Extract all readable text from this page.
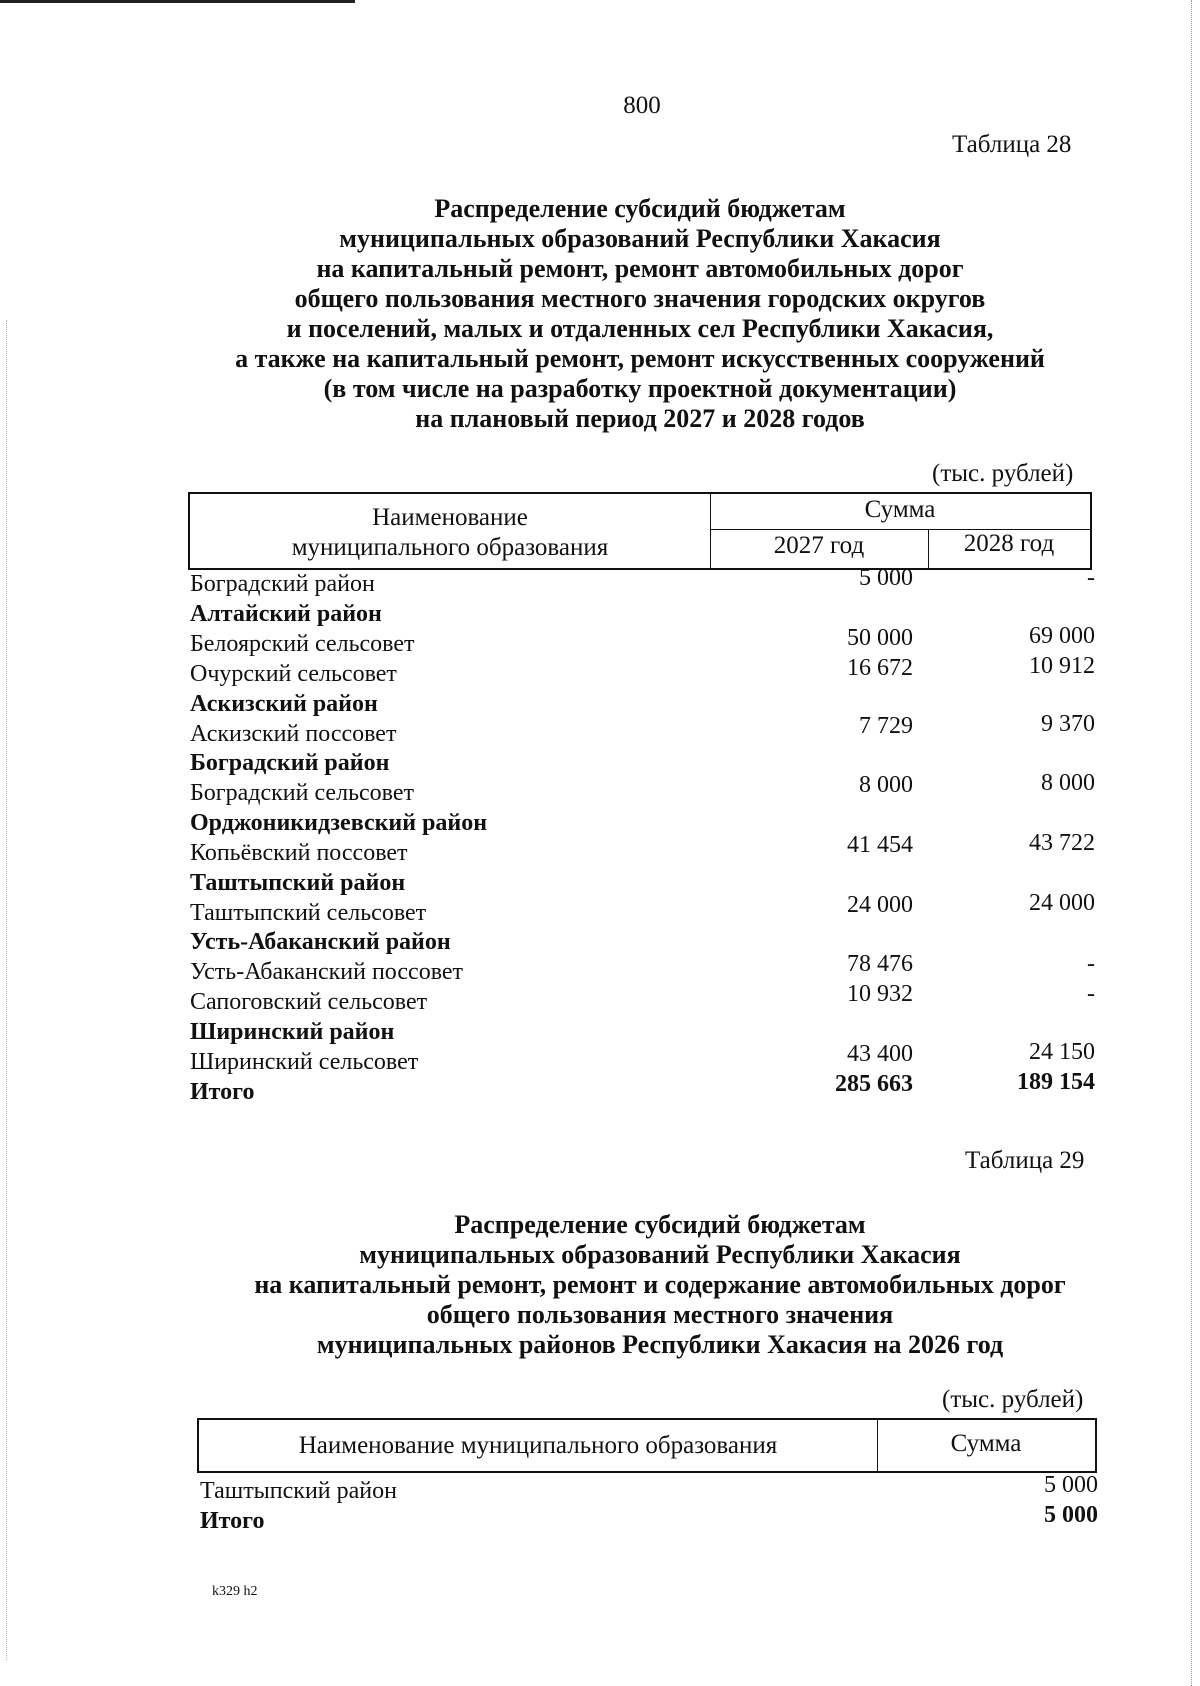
800
Таблица 28
Распределение субсидий бюджетам
муниципальных образований Республики Хакасия
на капитальный ремонт, ремонт автомобильных дорог
общего пользования местного значения городских округов
и поселений, малых и отдаленных сел Республики Хакасия,
а также на капитальный ремонт, ремонт искусственных сооружений
(в том числе на разработку проектной документации)
на плановый период 2027 и 2028 годов
(тыс. рублей)
Наименование
муниципального образования
Сумма
2027 год	2028 год
Боградский район	5 000	-
Алтайский район
Белоярский сельсовет	50 000	69 000
Очурский сельсовет	16 672	10 912
Аскизский район
Аскизский поссовет	7 729	9 370
Боградский район
Боградский сельсовет	8 000	8 000
Орджоникидзевский район
Копьёвский поссовет	41 454	43 722
Таштыпский район
Таштыпский сельсовет	24 000	24 000
Усть-Абаканский район
Усть-Абаканский поссовет	78 476	-
Сапоговский сельсовет	10 932	-
Ширинский район
Ширинский сельсовет	43 400	24 150
Итого	285 663	189 154
Таблица 29
Распределение субсидий бюджетам
муниципальных образований Республики Хакасия
на капитальный ремонт, ремонт и содержание автомобильных дорог
общего пользования местного значения
муниципальных районов Республики Хакасия на 2026 год
(тыс. рублей)
Наименование муниципального образования	Сумма
Таштыпский район	5 000
Итого	5 000
k329 h2
